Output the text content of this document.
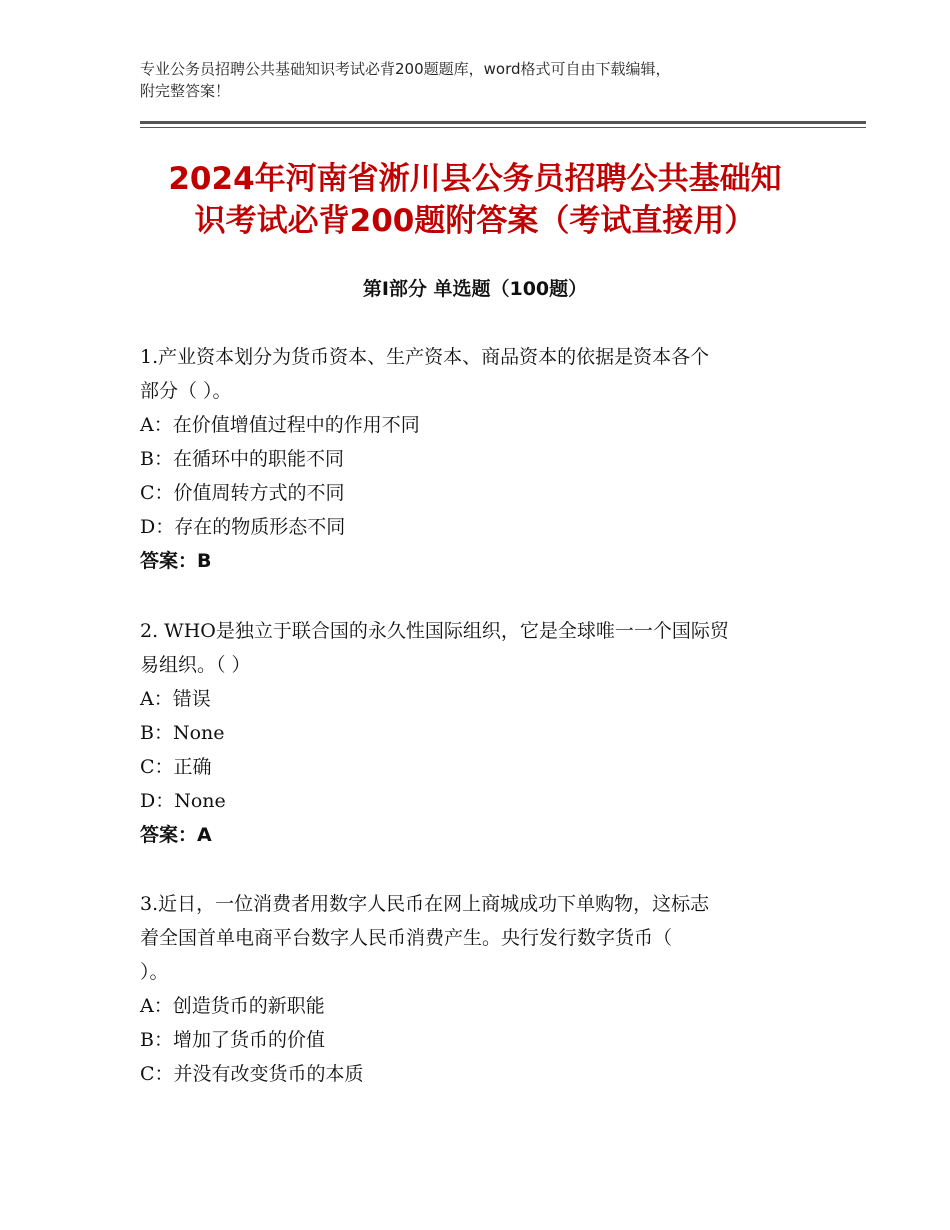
专业公务员招聘公共基础知识考试必背200题题库，word格式可自由下载编辑，
附完整答案！
2024年河南省淅川县公务员招聘公共基础知
识考试必背200题附答案（考试直接用）
第Ⅰ部分 单选题（100题）
1.产业资本划分为货币资本、生产资本、商品资本的依据是资本各个
部分（ ）。
A：在价值增值过程中的作用不同
B：在循环中的职能不同
C：价值周转方式的不同
D：存在的物质形态不同
答案：B
2. WHO是独立于联合国的永久性国际组织，它是全球唯一一个国际贸
易组织。（ ）
A：错误
B：None
C：正确
D：None
答案：A
3.近日，一位消费者用数字人民币在网上商城成功下单购物，这标志
着全国首单电商平台数字人民币消费产生。央行发行数字货币（
）。
A：创造货币的新职能
B：增加了货币的价值
C：并没有改变货币的本质
